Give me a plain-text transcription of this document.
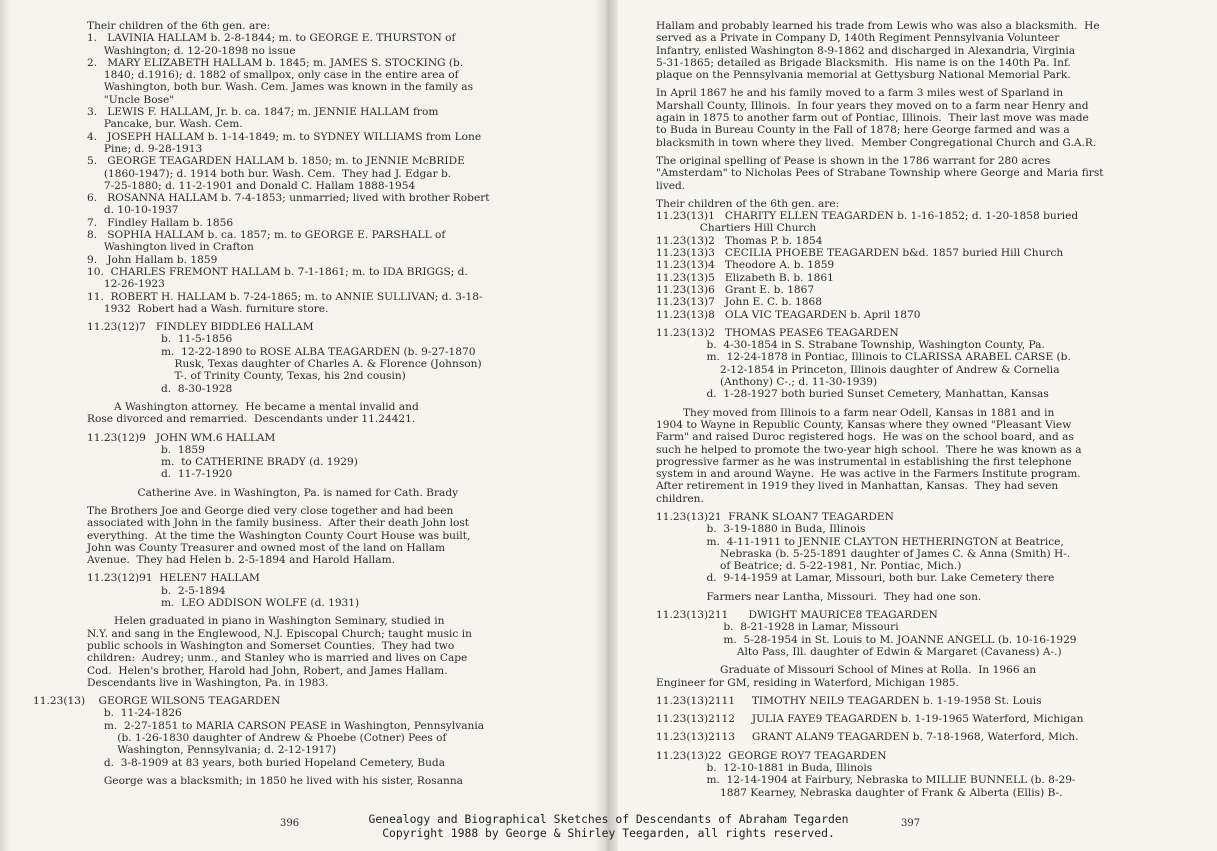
Their children of the 6th gen. are:
1.   LAVINIA HALLAM b. 2-8-1844; m. to GEORGE E. THURSTON of
Washington; d. 12-20-1898 no issue
2.   MARY ELIZABETH HALLAM b. 1845; m. JAMES S. STOCKING (b.
1840; d.1916); d. 1882 of smallpox, only case in the entire area of
Washington, both bur. Wash. Cem. James was known in the family as
"Uncle Bose"
3.   LEWIS F. HALLAM, Jr. b. ca. 1847; m. JENNIE HALLAM from
Pancake, bur. Wash. Cem.
4.   JOSEPH HALLAM b. 1-14-1849; m. to SYDNEY WILLIAMS from Lone
Pine; d. 9-28-1913
5.   GEORGE TEAGARDEN HALLAM b. 1850; m. to JENNIE McBRIDE
(1860-1947); d. 1914 both bur. Wash. Cem.  They had J. Edgar b.
7-25-1880; d. 11-2-1901 and Donald C. Hallam 1888-1954
6.   ROSANNA HALLAM b. 7-4-1853; unmarried; lived with brother Robert
d. 10-10-1937
7.   Findley Hallam b. 1856
8.   SOPHIA HALLAM b. ca. 1857; m. to GEORGE E. PARSHALL of
Washington lived in Crafton
9.   John Hallam b. 1859
10.  CHARLES FREMONT HALLAM b. 7-1-1861; m. to IDA BRIGGS; d.
12-26-1923
11.  ROBERT H. HALLAM b. 7-24-1865; m. to ANNIE SULLIVAN; d. 3-18-
1932  Robert had a Wash. furniture store.
11.23(12)7   FINDLEY BIDDLE6 HALLAM
b.  11-5-1856
m.  12-22-1890 to ROSE ALBA TEAGARDEN (b. 9-27-1870
Rusk, Texas daughter of Charles A. & Florence (Johnson)
T-. of Trinity County, Texas, his 2nd cousin)
d.  8-30-1928
A Washington attorney.  He became a mental invalid and
Rose divorced and remarried.  Descendants under 11.24421.
11.23(12)9   JOHN WM.6 HALLAM
b.  1859
m.  to CATHERINE BRADY (d. 1929)
d.  11-7-1920
Catherine Ave. in Washington, Pa. is named for Cath. Brady
The Brothers Joe and George died very close together and had been
associated with John in the family business.  After their death John lost
everything.  At the time the Washington County Court House was built,
John was County Treasurer and owned most of the land on Hallam
Avenue.  They had Helen b. 2-5-1894 and Harold Hallam.
11.23(12)91  HELEN7 HALLAM
b.  2-5-1894
m.  LEO ADDISON WOLFE (d. 1931)
Helen graduated in piano in Washington Seminary, studied in
N.Y. and sang in the Englewood, N.J. Episcopal Church; taught music in
public schools in Washington and Somerset Counties.  They had two
children:  Audrey; unm., and Stanley who is married and lives on Cape
Cod.  Helen's brother, Harold had John, Robert, and James Hallam.
Descendants live in Washington, Pa. in 1983.
11.23(13)    GEORGE WILSON5 TEAGARDEN
b.  11-24-1826
m.  2-27-1851 to MARIA CARSON PEASE in Washington, Pennsylvania
(b. 1-26-1830 daughter of Andrew & Phoebe (Cotner) Pees of
Washington, Pennsylvania; d. 2-12-1917)
d.  3-8-1909 at 83 years, both buried Hopeland Cemetery, Buda
George was a blacksmith; in 1850 he lived with his sister, Rosanna
Hallam and probably learned his trade from Lewis who was also a blacksmith.  He
served as a Private in Company D, 140th Regiment Pennsylvania Volunteer
Infantry, enlisted Washington 8-9-1862 and discharged in Alexandria, Virginia
5-31-1865; detailed as Brigade Blacksmith.  His name is on the 140th Pa. Inf.
plaque on the Pennsylvania memorial at Gettysburg National Memorial Park.
In April 1867 he and his family moved to a farm 3 miles west of Sparland in
Marshall County, Illinois.  In four years they moved on to a farm near Henry and
again in 1875 to another farm out of Pontiac, Illinois.  Their last move was made
to Buda in Bureau County in the Fall of 1878; here George farmed and was a
blacksmith in town where they lived.  Member Congregational Church and G.A.R.
The original spelling of Pease is shown in the 1786 warrant for 280 acres
"Amsterdam" to Nicholas Pees of Strabane Township where George and Maria first
lived.
Their children of the 6th gen. are:
11.23(13)1   CHARITY ELLEN TEAGARDEN b. 1-16-1852; d. 1-20-1858 buried
Chartiers Hill Church
11.23(13)2   Thomas P. b. 1854
11.23(13)3   CECILIA PHOEBE TEAGARDEN b&d. 1857 buried Hill Church
11.23(13)4   Theodore A. b. 1859
11.23(13)5   Elizabeth B. b. 1861
11.23(13)6   Grant E. b. 1867
11.23(13)7   John E. C. b. 1868
11.23(13)8   OLA VIC TEAGARDEN b. April 1870
11.23(13)2   THOMAS PEASE6 TEAGARDEN
b.  4-30-1854 in S. Strabane Township, Washington County, Pa.
m.  12-24-1878 in Pontiac, Illinois to CLARISSA ARABEL CARSE (b.
2-12-1854 in Princeton, Illinois daughter of Andrew & Cornelia
(Anthony) C-.; d. 11-30-1939)
d.  1-28-1927 both buried Sunset Cemetery, Manhattan, Kansas
They moved from Illinois to a farm near Odell, Kansas in 1881 and in
1904 to Wayne in Republic County, Kansas where they owned "Pleasant View
Farm" and raised Duroc registered hogs.  He was on the school board, and as
such he helped to promote the two-year high school.  There he was known as a
progressive farmer as he was instrumental in establishing the first telephone
system in and around Wayne.  He was active in the Farmers Institute program.
After retirement in 1919 they lived in Manhattan, Kansas.  They had seven
children.
11.23(13)21  FRANK SLOAN7 TEAGARDEN
b.  3-19-1880 in Buda, Illinois
m.  4-11-1911 to JENNIE CLAYTON HETHERINGTON at Beatrice,
Nebraska (b. 5-25-1891 daughter of James C. & Anna (Smith) H-.
of Beatrice; d. 5-22-1981, Nr. Pontiac, Mich.)
d.  9-14-1959 at Lamar, Missouri, both bur. Lake Cemetery there
Farmers near Lantha, Missouri.  They had one son.
11.23(13)211      DWIGHT MAURICE8 TEAGARDEN
b.  8-21-1928 in Lamar, Missouri
m.  5-28-1954 in St. Louis to M. JOANNE ANGELL (b. 10-16-1929
Alto Pass, Ill. daughter of Edwin & Margaret (Cavaness) A-.)
Graduate of Missouri School of Mines at Rolla.  In 1966 an
Engineer for GM, residing in Waterford, Michigan 1985.
11.23(13)2111     TIMOTHY NEIL9 TEAGARDEN b. 1-19-1958 St. Louis
11.23(13)2112     JULIA FAYE9 TEAGARDEN b. 1-19-1965 Waterford, Michigan
11.23(13)2113     GRANT ALAN9 TEAGARDEN b. 7-18-1968, Waterford, Mich.
11.23(13)22  GEORGE ROY7 TEAGARDEN
b.  12-10-1881 in Buda, Illinois
m.  12-14-1904 at Fairbury, Nebraska to MILLIE BUNNELL (b. 8-29-
1887 Kearney, Nebraska daughter of Frank & Alberta (Ellis) B-.
396	397
Genealogy and Biographical Sketches of Descendants of Abraham Tegarden
Copyright 1988 by George & Shirley Teegarden, all rights reserved.
